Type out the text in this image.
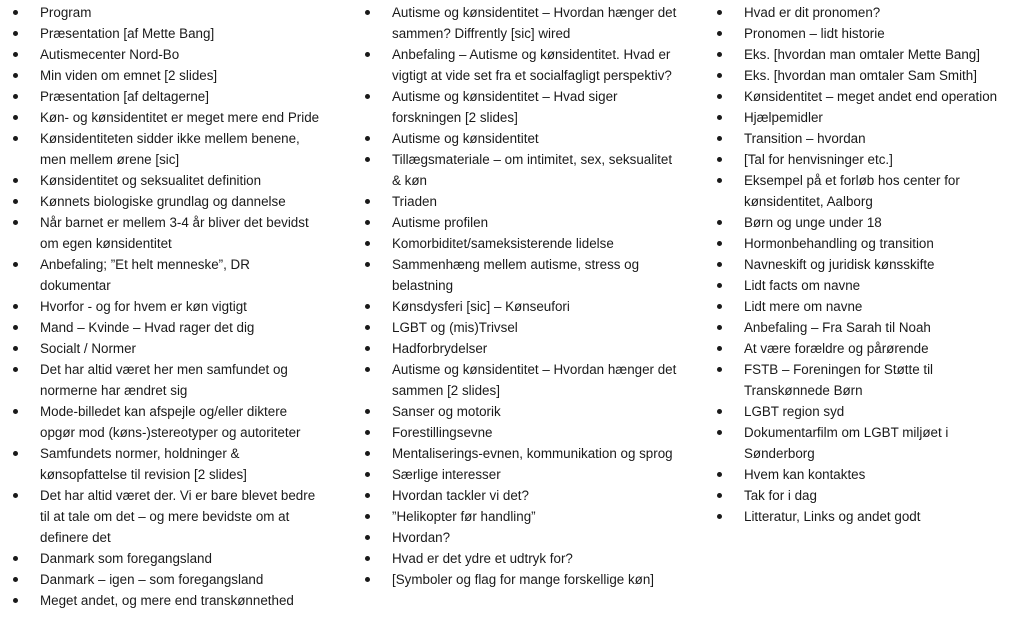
Program
Præsentation [af Mette Bang]
Autismecenter Nord-Bo
Min viden om emnet [2 slides]
Præsentation [af deltagerne]
Køn- og kønsidentitet er meget mere end Pride
Kønsidentiteten sidder ikke mellem benene, men mellem ørene [sic]
Kønsidentitet og seksualitet definition
Kønnets biologiske grundlag og dannelse
Når barnet er mellem 3-4 år bliver det bevidst om egen kønsidentitet
Anbefaling; ”Et helt menneske”, DR dokumentar
Hvorfor - og for hvem er køn vigtigt
Mand – Kvinde – Hvad rager det dig
Socialt / Normer
Det har altid været her men samfundet og normerne har ændret sig
Mode-billedet kan afspejle og/eller diktere opgør mod (køns-)stereotyper og autoriteter
Samfundets normer, holdninger & kønsopfattelse til revision [2 slides]
Det har altid været der. Vi er bare blevet bedre til at tale om det – og mere bevidste om at definere det
Danmark som foregangsland
Danmark – igen – som foregangsland
Meget andet, og mere end transkønnethed
Autisme og kønsidentitet – Hvordan hænger det sammen? Diffrently [sic] wired
Anbefaling – Autisme og kønsidentitet. Hvad er vigtigt at vide set fra et socialfagligt perspektiv?
Autisme og kønsidentitet – Hvad siger forskningen [2 slides]
Autisme og kønsidentitet
Tillægsmateriale – om intimitet, sex, seksualitet & køn
Triaden
Autisme profilen
Komorbiditet/sameksisterende lidelse
Sammenhæng mellem autisme, stress og belastning
Kønsdysferi [sic] – Kønseufori
LGBT og (mis)Trivsel
Hadforbrydelser
Autisme og kønsidentitet – Hvordan hænger det sammen [2 slides]
Sanser og motorik
Forestillingsevne
Mentaliserings-evnen, kommunikation og sprog
Særlige interesser
Hvordan tackler vi det?
”Helikopter før handling”
Hvordan?
Hvad er det ydre et udtryk for?
[Symboler og flag for mange forskellige køn]
Hvad er dit pronomen?
Pronomen – lidt historie
Eks. [hvordan man omtaler Mette Bang]
Eks. [hvordan man omtaler Sam Smith]
Kønsidentitet – meget andet end operation
Hjælpemidler
Transition – hvordan
[Tal for henvisninger etc.]
Eksempel på et forløb hos center for kønsidentitet, Aalborg
Børn og unge under 18
Hormonbehandling og transition
Navneskift og juridisk kønsskifte
Lidt facts om navne
Lidt mere om navne
Anbefaling – Fra Sarah til Noah
At være forældre og pårørende
FSTB – Foreningen for Støtte til Transkønnede Børn
LGBT region syd
Dokumentarfilm om LGBT miljøet i Sønderborg
Hvem kan kontaktes
Tak for i dag
Litteratur, Links og andet godt
